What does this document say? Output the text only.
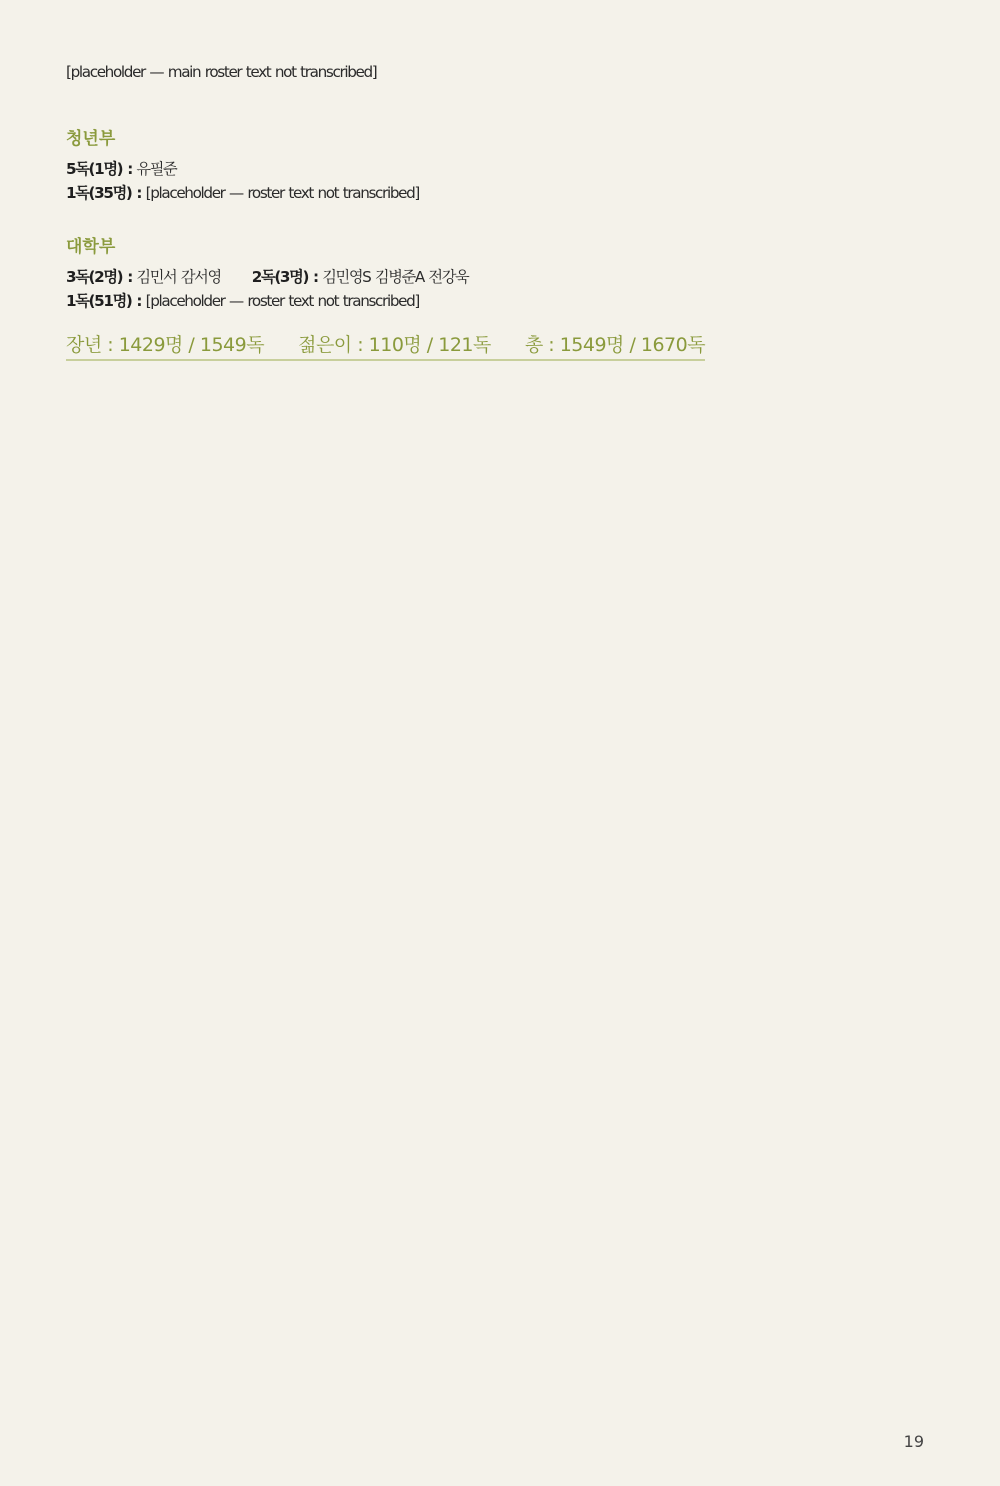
[placeholder — main roster text not transcribed]

청년부

5독(1명) : 유필준

1독(35명) : [placeholder — roster text not transcribed]

대학부

3독(2명) : 김민서 감서영 2독(3명) : 김민영S 김병준A 전강욱

1독(51명) : [placeholder — roster text not transcribed]

장년 : 1429명 / 1549독 젊은이 : 110명 / 121독 총 : 1549명 / 1670독
19
